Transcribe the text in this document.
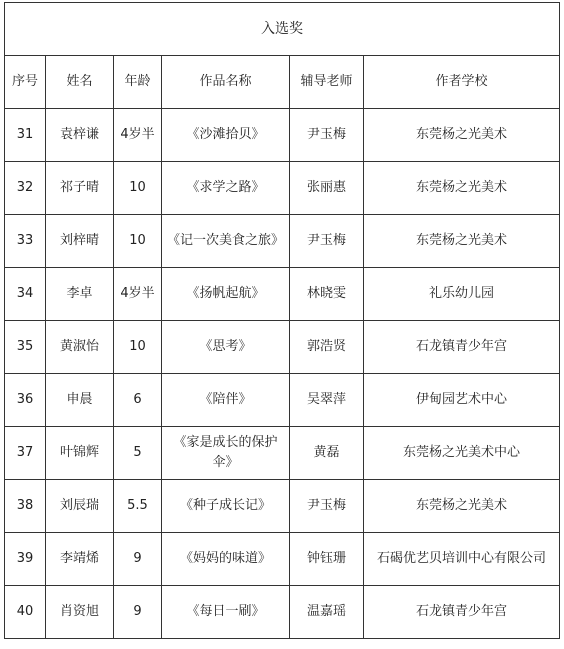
入选奖					
序号	姓名	年龄	作品名称	辅导老师	作者学校
31	袁梓谦	4岁半	《沙滩拾贝》	尹玉梅	东莞杨之光美术
32	祁子晴	10	《求学之路》	张丽惠	东莞杨之光美术
33	刘梓晴	10	《记一次美食之旅》	尹玉梅	东莞杨之光美术
34	李卓	4岁半	《扬帆起航》	林晓雯	礼乐幼儿园
35	黄淑怡	10	《思考》	郭浩贤	石龙镇青少年宫
36	申晨	6	《陪伴》	吴翠萍	伊甸园艺术中心
37	叶锦辉	5	《家是成长的保护伞》	黄磊	东莞杨之光美术中心
38	刘辰瑞	5.5	《种子成长记》	尹玉梅	东莞杨之光美术
39	李靖烯	9	《妈妈的味道》	钟钰珊	石碣优艺贝培训中心有限公司
40	肖资旭	9	《每日一刷》	温嘉瑶	石龙镇青少年宫
